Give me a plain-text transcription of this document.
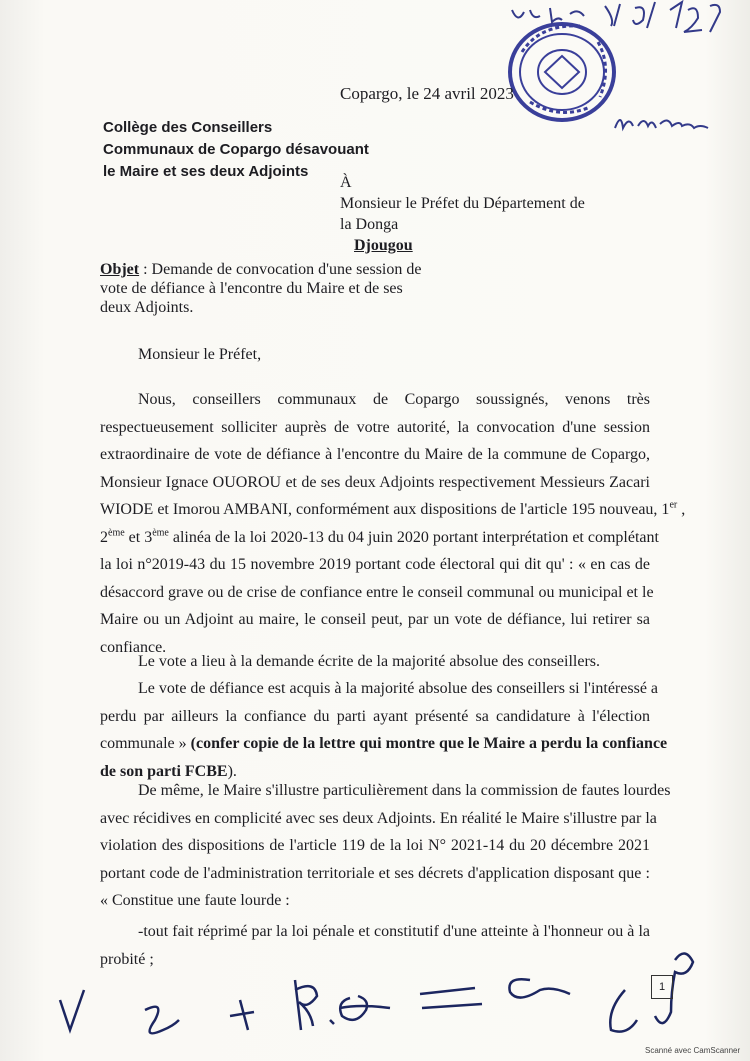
Copargo, le 24 avril 2023
Collège des Conseillers
Communaux de Copargo désavouant
le Maire et ses deux Adjoints
À
Monsieur le Préfet du Département de
la Donga
Djougou
Objet : Demande de convocation d'une session de vote de défiance à l'encontre du Maire et de ses deux Adjoints.
Monsieur le Préfet,
Nous, conseillers communaux de Copargo soussignés, venons très
respectueusement solliciter auprès de votre autorité, la convocation d'une session
extraordinaire de vote de défiance à l'encontre du Maire de la commune de Copargo,
Monsieur Ignace OUOROU et de ses deux Adjoints respectivement Messieurs Zacari
WIODE et Imorou AMBANI, conformément aux dispositions de l'article 195 nouveau, 1er ,
2ème et 3ème alinéa de la loi 2020-13 du 04 juin 2020 portant interprétation et complétant
la loi n°2019-43 du 15 novembre 2019 portant code électoral qui dit qu' : « en cas de
désaccord grave ou de crise de confiance entre le conseil communal ou municipal et le
Maire ou un Adjoint au maire, le conseil peut, par un vote de défiance, lui retirer sa
confiance.
Le vote a lieu à la demande écrite de la majorité absolue des conseillers.
Le vote de défiance est acquis à la majorité absolue des conseillers si l'intéressé a
perdu par ailleurs la confiance du parti ayant présenté sa candidature à l'élection
communale » (confer copie de la lettre qui montre que le Maire a perdu la confiance
de son parti FCBE).
De même, le Maire s'illustre particulièrement dans la commission de fautes lourdes
avec récidives en complicité avec ses deux Adjoints. En réalité le Maire s'illustre par la
violation des dispositions de l'article 119 de la loi N° 2021-14 du 20 décembre 2021
portant code de l'administration territoriale et ses décrets d'application disposant que :
« Constitue une faute lourde :
-tout fait réprimé par la loi pénale et constitutif d'une atteinte à l'honneur ou à la
probité ;
1
Scanné avec CamScanner
